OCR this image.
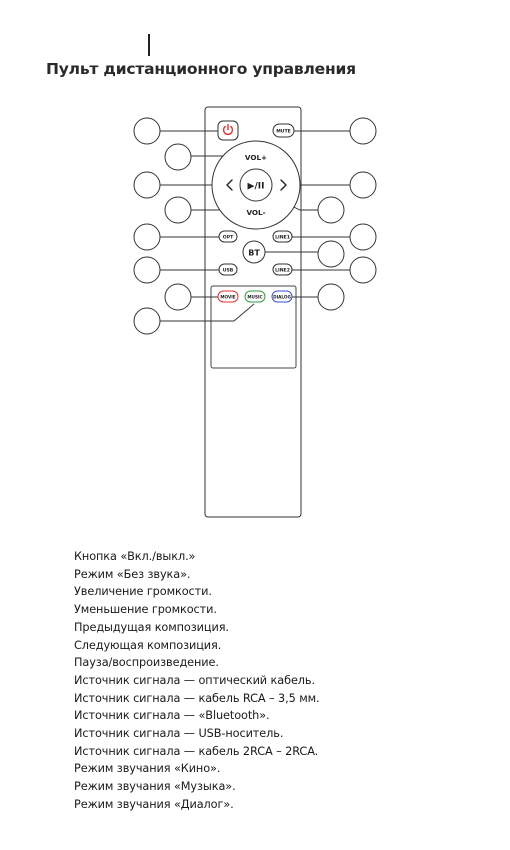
Пульт дистанционного управления
MUTE
VOL+
VOL-
▶/II
OPT	LINE1
BT
USB	LINE2
MOVIE	MUSIC DIALOG
Кнопка «Вкл./выкл.»
Режим «Без звука».
Увеличение громкости.
Уменьшение громкости.
Предыдущая композиция.
Следующая композиция.
Пауза/воспроизведение.
Источник сигнала — оптический кабель.
Источник сигнала — кабель RCA – 3,5 мм.
Источник сигнала — «Bluetooth».
Источник сигнала — USB-носитель.
Источник сигнала — кабель 2RCA – 2RCA.
Режим звучания «Кино».
Режим звучания «Музыка».
Режим звучания «Диалог».
